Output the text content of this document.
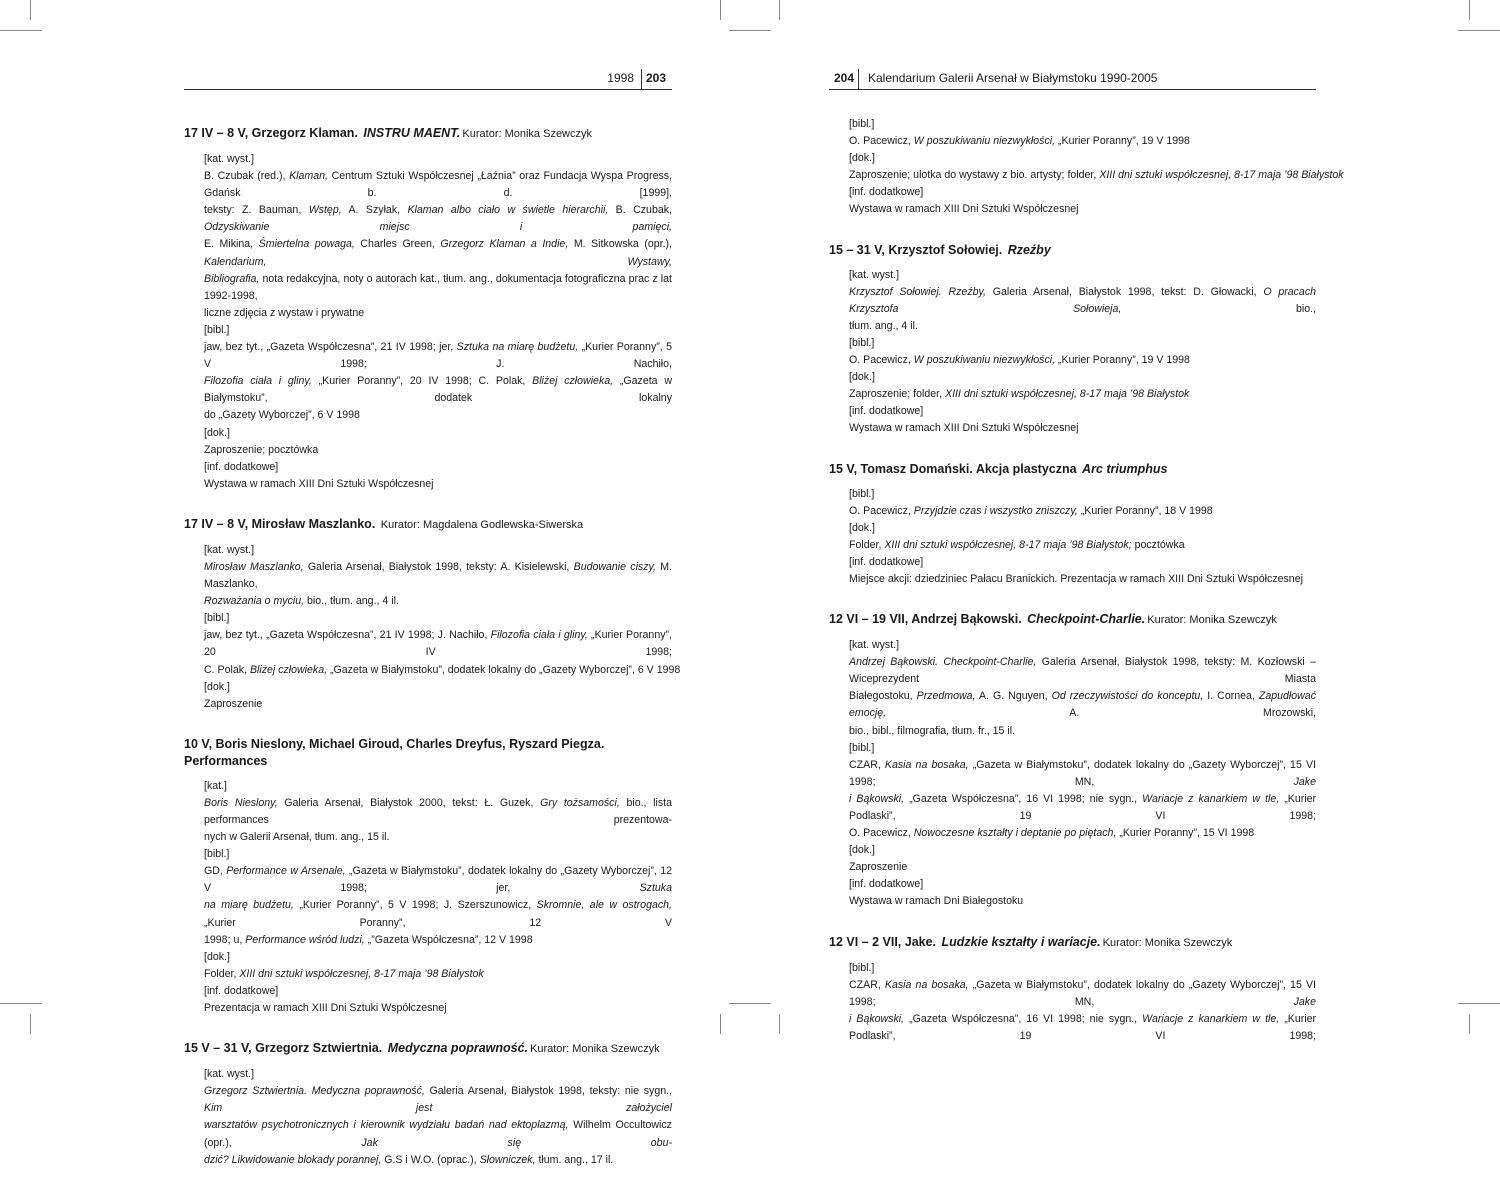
1998 203
17 IV – 8 V, Grzegorz Klaman. INSTRU MAENT. Kurator: Monika Szewczyk
[kat. wyst.]
B. Czubak (red.), Klaman, Centrum Sztuki Współczesnej „Łaźnia” oraz Fundacja Wyspa Progress, Gdańsk b. d. [1999],
teksty: Z. Bauman, Wstęp, A. Szyłak, Klaman albo ciało w świetle hierarchii, B. Czubak, Odzyskiwanie miejsc i pamięci,
E. Mikina, Śmiertelna powaga, Charles Green, Grzegorz Klaman a Indie, M. Sitkowska (opr.), Kalendarium, Wystawy,
Bibliografia, nota redakcyjna, noty o autorach kat., tłum. ang., dokumentacja fotograficzna prac z lat 1992-1998,
liczne zdjęcia z wystaw i prywatne
[bibl.]
jaw, bez tyt., „Gazeta Współczesna”, 21 IV 1998; jer, Sztuka na miarę budżetu, „Kurier Poranny”, 5 V 1998; J. Nachiło,
Filozofia ciała i gliny, „Kurier Poranny”, 20 IV 1998; C. Polak, Bliżej człowieka, „Gazeta w Białymstoku”, dodatek lokalny
do „Gazety Wyborczej”, 6 V 1998
[dok.]
Zaproszenie; pocztówka
[inf. dodatkowe]
Wystawa w ramach XIII Dni Sztuki Współczesnej
17 IV – 8 V, Mirosław Maszlanko. Kurator: Magdalena Godlewska-Siwerska
[kat. wyst.]
Mirosław Maszlanko, Galeria Arsenał, Białystok 1998, teksty: A. Kisielewski, Budowanie ciszy, M. Maszlanko,
Rozważania o myciu, bio., tłum. ang., 4 il.
[bibl.]
jaw, bez tyt., „Gazeta Współczesna”, 21 IV 1998; J. Nachiło, Filozofia ciała i gliny, „Kurier Poranny”, 20 IV 1998;
C. Polak, Bliżej człowieka, „Gazeta w Białymstoku”, dodatek lokalny do „Gazety Wyborczej”, 6 V 1998
[dok.]
Zaproszenie
10 V, Boris Nieslony, Michael Giroud, Charles Dreyfus, Ryszard Piegza. Performances
[kat.]
Boris Nieslony, Galeria Arsenał, Białystok 2000, tekst: Ł. Guzek, Gry tożsamości, bio., lista performances prezentowa-
nych w Galerii Arsenał, tłum. ang., 15 il.
[bibl.]
GD, Performance w Arsenale, „Gazeta w Białymstoku”, dodatek lokalny do „Gazety Wyborczej”, 12 V 1998; jer, Sztuka
na miarę budżetu, „Kurier Poranny”, 5 V 1998; J. Szerszunowicz, Skromnie, ale w ostrogach, „Kurier Poranny”, 12 V
1998; u, Performance wśród ludzi, „”Gazeta Współczesna”, 12 V 1998
[dok.]
Folder, XIII dni sztuki współczesnej, 8-17 maja ’98 Białystok
[inf. dodatkowe]
Prezentacja w ramach XIII Dni Sztuki Współczesnej
15 V – 31 V, Grzegorz Sztwiertnia. Medyczna poprawność. Kurator: Monika Szewczyk
[kat. wyst.]
Grzegorz Sztwiertnia. Medyczna poprawność, Galeria Arsenał, Białystok 1998, teksty: nie sygn., Kim jest założyciel
warsztatów psychotronicznych i kierownik wydziału badań nad ektoplazmą, Wilhelm Occultowicz (opr.), Jak się obu-
dzić? Likwidowanie blokady porannej, G.S i W.O. (oprac.), Słowniczek, tłum. ang., 17 il.
204 Kalendarium Galerii Arsenał w Białymstoku 1990-2005
[bibl.]
O. Pacewicz, W poszukiwaniu niezwykłości, „Kurier Poranny”, 19 V 1998
[dok.]
Zaproszenie; ulotka do wystawy z bio. artysty; folder, XIII dni sztuki współczesnej, 8-17 maja ’98 Białystok
[inf. dodatkowe]
Wystawa w ramach XIII Dni Sztuki Współczesnej
15 – 31 V, Krzysztof Sołowiej. Rzeźby
[kat. wyst.]
Krzysztof Sołowiej. Rzeźby, Galeria Arsenał, Białystok 1998, tekst: D. Głowacki, O pracach Krzysztofa Sołowieja, bio.,
tłum. ang., 4 il.
[bibl.]
O. Pacewicz, W poszukiwaniu niezwykłości, „Kurier Poranny”, 19 V 1998
[dok.]
Zaproszenie; folder, XIII dni sztuki współczesnej, 8-17 maja ’98 Białystok
[inf. dodatkowe]
Wystawa w ramach XIII Dni Sztuki Współczesnej
15 V, Tomasz Domański. Akcja plastyczna Arc triumphus
[bibl.]
O. Pacewicz, Przyjdzie czas i wszystko zniszczy, „Kurier Poranny”, 18 V 1998
[dok.]
Folder, XIII dni sztuki współczesnej, 8-17 maja ’98 Białystok; pocztówka
[inf. dodatkowe]
Miejsce akcji: dziedziniec Pałacu Branickich. Prezentacja w ramach XIII Dni Sztuki Współczesnej
12 VI – 19 VII, Andrzej Bąkowski. Checkpoint-Charlie. Kurator: Monika Szewczyk
[kat. wyst.]
Andrzej Bąkowski. Checkpoint-Charlie, Galeria Arsenał, Białystok 1998, teksty: M. Kozłowski – Wiceprezydent Miasta
Białegostoku, Przedmowa, A. G. Nguyen, Od rzeczywistości do konceptu, I. Cornea, Zapudłować emocję, A. Mrozowski,
bio., bibl., filmografia, tłum. fr., 15 il.
[bibl.]
CZAR, Kasia na bosaka, „Gazeta w Białymstoku”, dodatek lokalny do „Gazety Wyborczej”, 15 VI 1998; MN, Jake
i Bąkowski, „Gazeta Współczesna”, 16 VI 1998; nie sygn., Wariacje z kanarkiem w tle, „Kurier Podlaski”, 19 VI 1998;
O. Pacewicz, Nowoczesne kształty i deptanie po piętach, „Kurier Poranny”, 15 VI 1998
[dok.]
Zaproszenie
[inf. dodatkowe]
Wystawa w ramach Dni Białegostoku
12 VI – 2 VII, Jake. Ludzkie kształty i wariacje. Kurator: Monika Szewczyk
[bibl.]
CZAR, Kasia na bosaka, „Gazeta w Białymstoku”, dodatek lokalny do „Gazety Wyborczej”, 15 VI 1998; MN, Jake
i Bąkowski, „Gazeta Współczesna”, 16 VI 1998; nie sygn., Wariacje z kanarkiem w tle, „Kurier Podlaski”, 19 VI 1998;
